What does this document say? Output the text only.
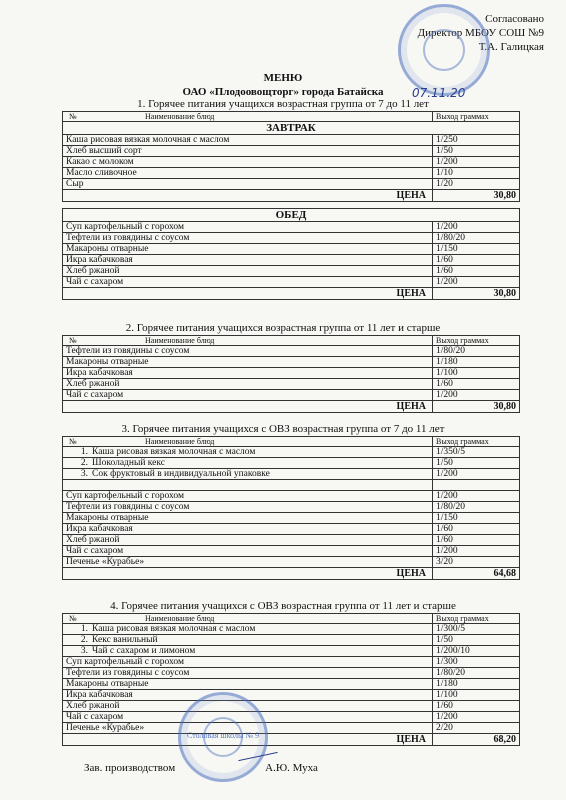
Согласовано
Директор МБОУ СОШ №9
Т.А. Галицкая
07.11.20
МЕНЮ
ОАО «Плодоовощторг» города Батайска
1. Горячее питания учащихся возрастная группа от 7 до 11 лет
№ Наименование блюд	Выход граммах
ЗАВТРАК	
Каша рисовая вязкая молочная с маслом	1/250
Хлеб высший сорт	1/50
Какао с молоком	1/200
Масло сливочное	1/10
Сыр	1/20
ЦЕНА	30,80

ОБЕД	
Суп картофельный с горохом	1/200
Тефтели из говядины с соусом	1/80/20
Макароны отварные	1/150
Икра кабачковая	1/60
Хлеб ржаной	1/60
Чай с сахаром	1/200
ЦЕНА	30,80
2. Горячее питания учащихся возрастная группа от 11 лет и старше
№ Наименование блюд	Выход граммах
Тефтели из говядины с соусом	1/80/20
Макароны отварные	1/180
Икра кабачковая	1/100
Хлеб ржаной	1/60
Чай с сахаром	1/200
ЦЕНА	30,80
3. Горячее питания учащихся с ОВЗ возрастная группа от 7 до 11 лет
№ Наименование блюд	Выход граммах
1. Каша рисовая вязкая молочная с маслом	1/350/5
2. Шоколадный кекс	1/50
3. Сок фруктовый в индивидуальной упаковке	1/200

Суп картофельный с горохом	1/200
Тефтели из говядины с соусом	1/80/20
Макароны отварные	1/150
Икра кабачковая	1/60
Хлеб ржаной	1/60
Чай с сахаром	1/200
Печенье «Курабье»	3/20
ЦЕНА	64,68
4. Горячее питания учащихся с ОВЗ возрастная группа от 11 лет и старше
№ Наименование блюд	Выход граммах
1. Каша рисовая вязкая молочная с маслом	1/300/5
2. Кекс ванильный	1/50
3. Чай с сахаром и лимоном	1/200/10
Суп картофельный с горохом	1/300
Тефтели из говядины с соусом	1/80/20
Макароны отварные	1/180
Икра кабачковая	1/100
Хлеб ржаной	1/60
Чай с сахаром	1/200
Печенье «Курабье»	2/20
ЦЕНА	68,20
Столовая школы № 9
Зав. производством	А.Ю. Муха
